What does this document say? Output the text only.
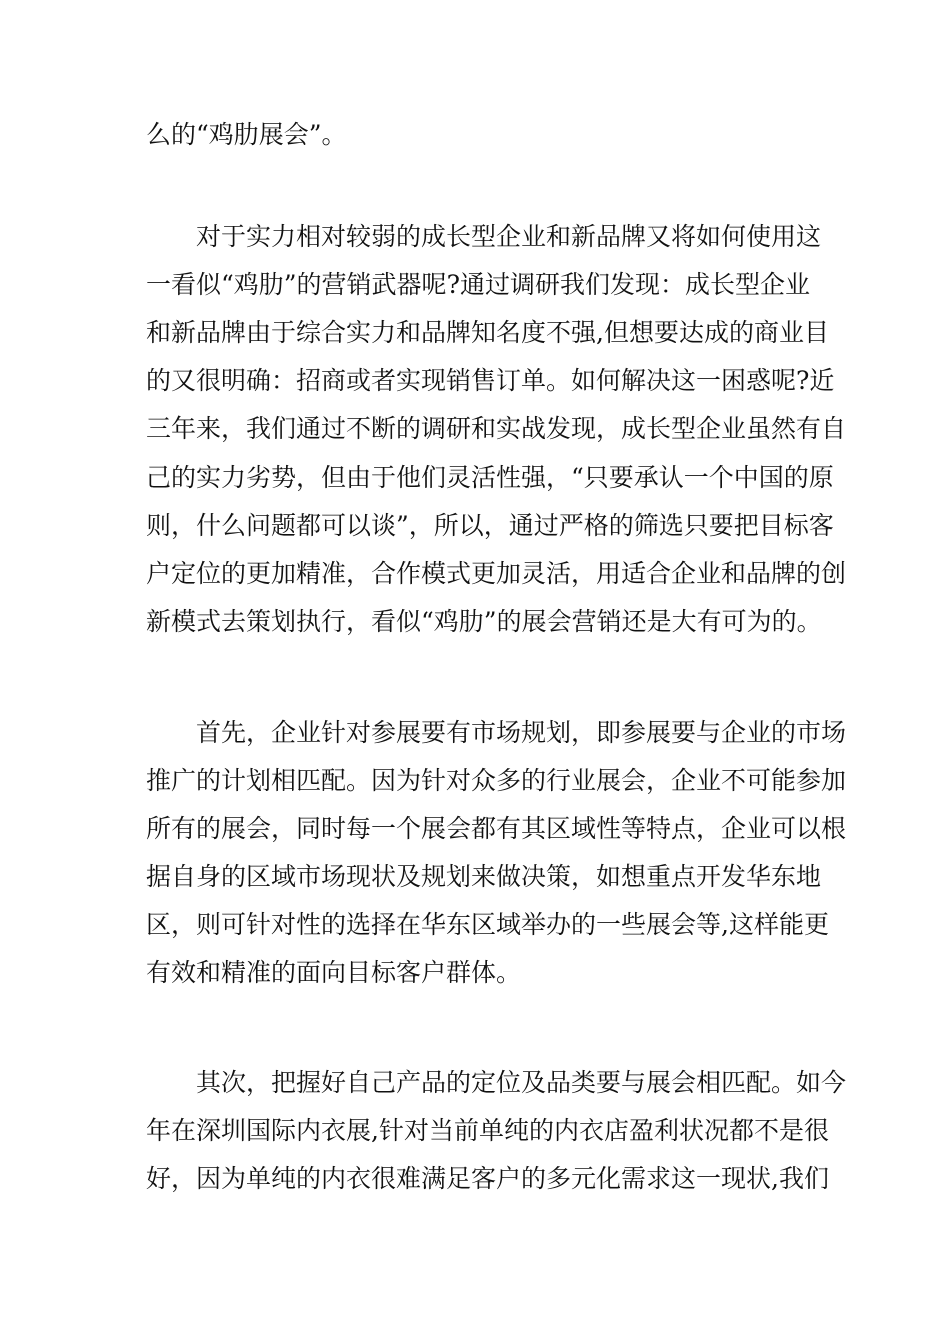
么的“鸡肋展会”。

　　对于实力相对较弱的成长型企业和新品牌又将如何使用这

一看似“鸡肋”的营销武器呢?通过调研我们发现：成长型企业

和新品牌由于综合实力和品牌知名度不强,但想要达成的商业目

的又很明确：招商或者实现销售订单。如何解决这一困惑呢?近

三年来，我们通过不断的调研和实战发现，成长型企业虽然有自

己的实力劣势，但由于他们灵活性强，“只要承认一个中国的原

则，什么问题都可以谈”，所以，通过严格的筛选只要把目标客

户定位的更加精准，合作模式更加灵活，用适合企业和品牌的创

新模式去策划执行，看似“鸡肋”的展会营销还是大有可为的。

　　首先，企业针对参展要有市场规划，即参展要与企业的市场

推广的计划相匹配。因为针对众多的行业展会，企业不可能参加

所有的展会，同时每一个展会都有其区域性等特点，企业可以根

据自身的区域市场现状及规划来做决策，如想重点开发华东地

区，则可针对性的选择在华东区域举办的一些展会等,这样能更

有效和精准的面向目标客户群体。

　　其次，把握好自己产品的定位及品类要与展会相匹配。如今

年在深圳国际内衣展,针对当前单纯的内衣店盈利状况都不是很

好，因为单纯的内衣很难满足客户的多元化需求这一现状,我们
